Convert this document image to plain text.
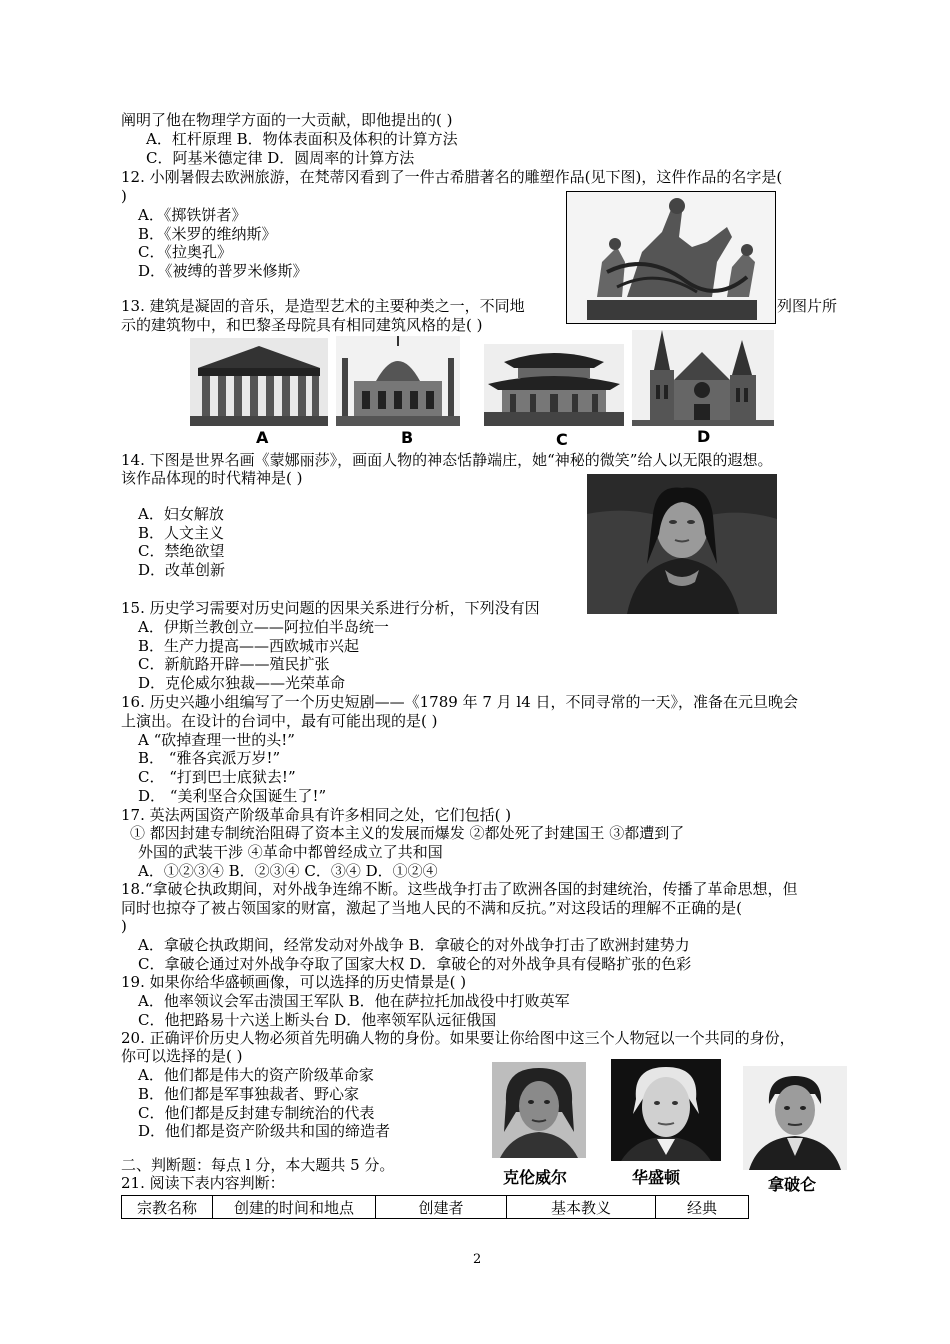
阐明了他在物理学方面的一大贡献，即他提出的( )
A．杠杆原理 B．物体表面积及体积的计算方法
C．阿基米德定律 D．圆周率的计算方法
12. 小刚暑假去欧洲旅游，在梵蒂冈看到了一件古希腊著名的雕塑作品(见下图)，这件作品的名字是(
)
A．《掷铁饼者》
B．《米罗的维纳斯》
C．《拉奥孔》
D．《被缚的普罗米修斯》
13. 建筑是凝固的音乐，是造型艺术的主要种类之一，不同地	列图片所
示的建筑物中，和巴黎圣母院具有相同建筑风格的是( )
A	B	C	D
14. 下图是世界名画《蒙娜丽莎》，画面人物的神态恬静端庄，她“神秘的微笑”给人以无限的遐想。
该作品体现的时代精神是( )
A．妇女解放
B．人文主义
C．禁绝欲望
D．改革创新
15. 历史学习需要对历史问题的因果关系进行分析，下列没有因
A．伊斯兰教创立——阿拉伯半岛统一
B．生产力提高——西欧城市兴起
C．新航路开辟——殖民扩张
D．克伦威尔独裁——光荣革命
16. 历史兴趣小组编写了一个历史短剧——《1789 年 7 月 l4 日，不同寻常的一天》，准备在元旦晚会
上演出。在设计的台词中，最有可能出现的是( )
A “砍掉查理一世的头!”
B． “雅各宾派万岁!”
C． “打到巴士底狱去!”
D． “美利坚合众国诞生了!”
17. 英法两国资产阶级革命具有许多相同之处，它们包括( )
① 都因封建专制统治阻碍了资本主义的发展而爆发 ②都处死了封建国王 ③都遭到了
外国的武装干涉 ④革命中都曾经成立了共和国
A．①②③④ B．②③④ C．③④ D．①②④
18.“拿破仑执政期间，对外战争连绵不断。这些战争打击了欧洲各国的封建统治，传播了革命思想，但
同时也掠夺了被占领国家的财富，激起了当地人民的不满和反抗。”对这段话的理解不正确的是(
)
A．拿破仑执政期间，经常发动对外战争 B．拿破仑的对外战争打击了欧洲封建势力
C．拿破仑通过对外战争夺取了国家大权 D．拿破仑的对外战争具有侵略扩张的色彩
19. 如果你给华盛顿画像，可以选择的历史情景是( )
A．他率领议会军击溃国王军队 B．他在萨拉托加战役中打败英军
C．他把路易十六送上断头台 D．他率领军队远征俄国
20. 正确评价历史人物必须首先明确人物的身份。如果要让你给图中这三个人物冠以一个共同的身份，
你可以选择的是( )
A．他们都是伟大的资产阶级革命家
B．他们都是军事独裁者、野心家
C．他们都是反封建专制统治的代表
D．他们都是资产阶级共和国的缔造者
克伦威尔	华盛顿	拿破仑
二、判断题：每点 l 分，本大题共 5 分。
21. 阅读下表内容判断：
宗教名称	创建的时间和地点	创建者	基本教义	经典
2
